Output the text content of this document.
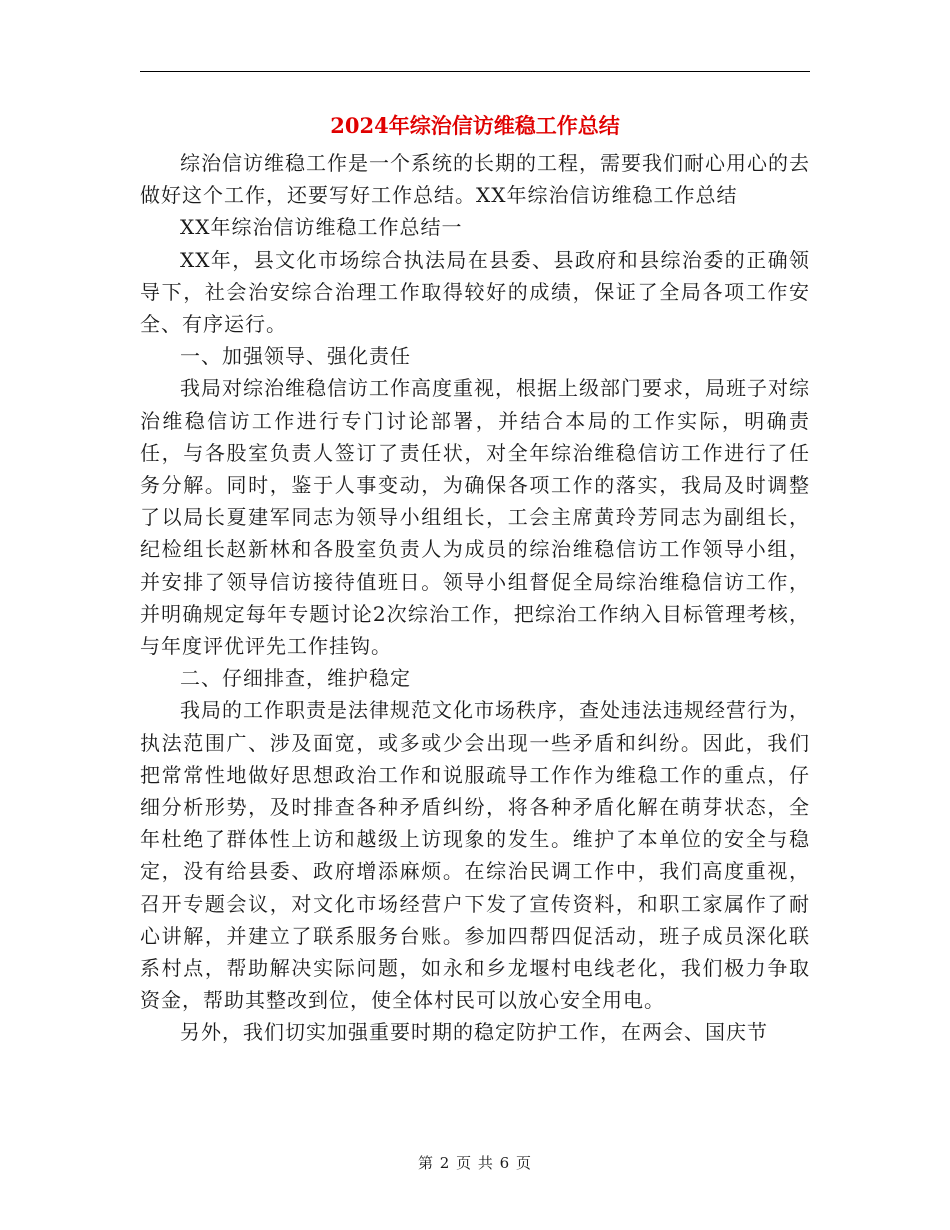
2024年综治信访维稳工作总结

综治信访维稳工作是一个系统的长期的工程，需要我们耐心用心的去做好这个工作，还要写好工作总结。XX年综治信访维稳工作总结

XX年综治信访维稳工作总结一

XX年，县文化市场综合执法局在县委、县政府和县综治委的正确领导下，社会治安综合治理工作取得较好的成绩，保证了全局各项工作安全、有序运行。

一、加强领导、强化责任

我局对综治维稳信访工作高度重视，根据上级部门要求，局班子对综治维稳信访工作进行专门讨论部署，并结合本局的工作实际，明确责任，与各股室负责人签订了责任状，对全年综治维稳信访工作进行了任务分解。同时，鉴于人事变动，为确保各项工作的落实，我局及时调整了以局长夏建军同志为领导小组组长，工会主席黄玲芳同志为副组长，纪检组长赵新林和各股室负责人为成员的综治维稳信访工作领导小组，并安排了领导信访接待值班日。领导小组督促全局综治维稳信访工作，并明确规定每年专题讨论2次综治工作，把综治工作纳入目标管理考核，与年度评优评先工作挂钩。

二、仔细排查，维护稳定

我局的工作职责是法律规范文化市场秩序，查处违法违规经营行为，执法范围广、涉及面宽，或多或少会出现一些矛盾和纠纷。因此，我们把常常性地做好思想政治工作和说服疏导工作作为维稳工作的重点，仔细分析形势，及时排查各种矛盾纠纷，将各种矛盾化解在萌芽状态，全年杜绝了群体性上访和越级上访现象的发生。维护了本单位的安全与稳定，没有给县委、政府增添麻烦。在综治民调工作中，我们高度重视，召开专题会议，对文化市场经营户下发了宣传资料，和职工家属作了耐心讲解，并建立了联系服务台账。参加四帮四促活动，班子成员深化联系村点，帮助解决实际问题，如永和乡龙堰村电线老化，我们极力争取资金，帮助其整改到位，使全体村民可以放心安全用电。

另外，我们切实加强重要时期的稳定防护工作，在两会、国庆节

第 2 页 共 6 页
